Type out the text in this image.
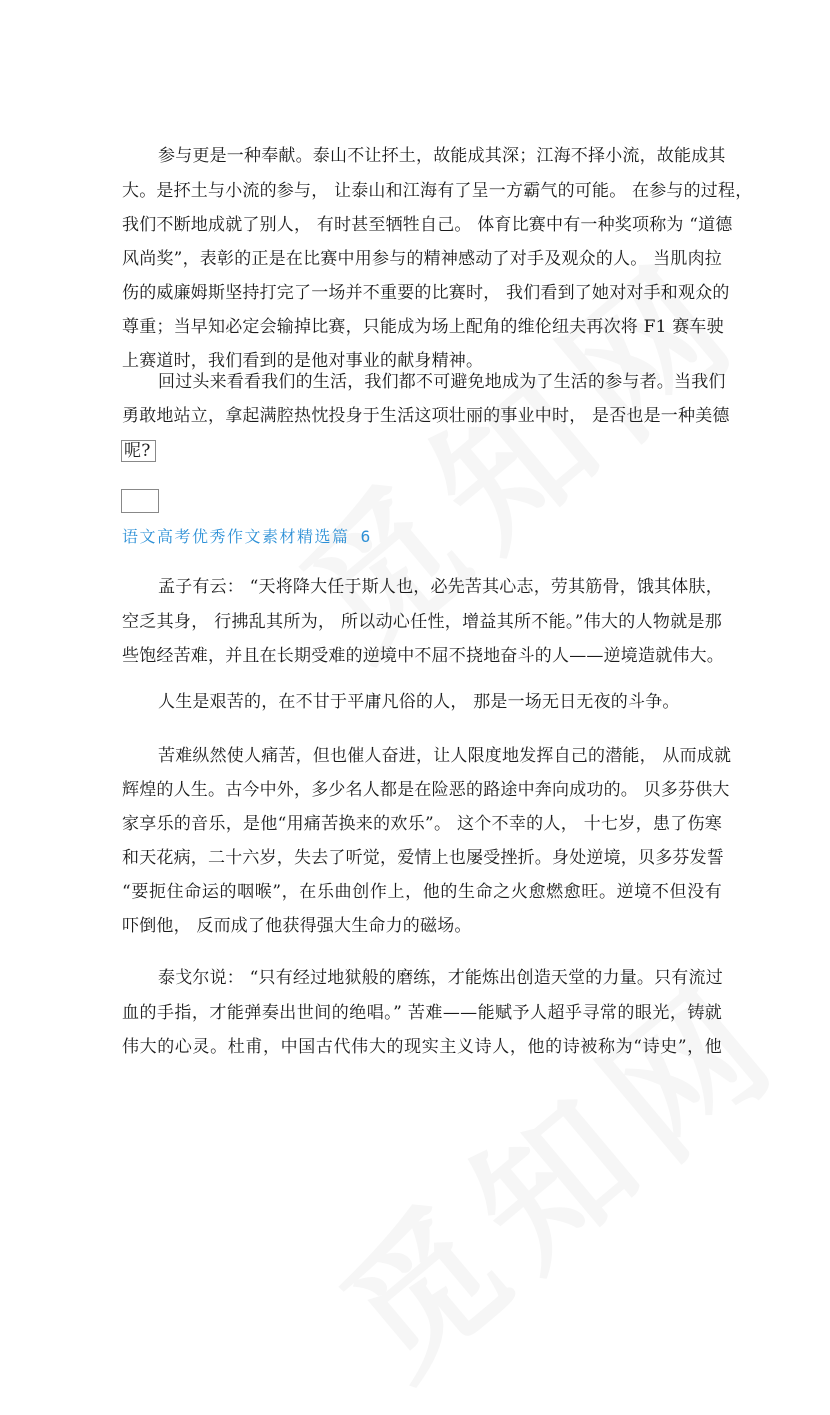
参与更是一种奉献。泰山不让抔土，故能成其深；江海不择小流，故能成其
大。是抔土与小流的参与， 让泰山和江海有了呈一方霸气的可能。 在参与的过程，
我们不断地成就了别人， 有时甚至牺牲自己。 体育比赛中有一种奖项称为 “道德
风尚奖”，表彰的正是在比赛中用参与的精神感动了对手及观众的人。 当肌肉拉
伤的威廉姆斯坚持打完了一场并不重要的比赛时， 我们看到了她对对手和观众的
尊重；当早知必定会输掉比赛，只能成为场上配角的维伦纽夫再次将 F1 赛车驶
上赛道时，我们看到的是他对事业的献身精神。
回过头来看看我们的生活，我们都不可避免地成为了生活的参与者。当我们
勇敢地站立，拿起满腔热忱投身于生活这项壮丽的事业中时， 是否也是一种美德
呢?
语文高考优秀作文素材精选篇 6
孟子有云： “天将降大任于斯人也，必先苦其心志，劳其筋骨，饿其体肤，
空乏其身， 行拂乱其所为， 所以动心任性，增益其所不能。”伟大的人物就是那
些饱经苦难，并且在长期受难的逆境中不屈不挠地奋斗的人——逆境造就伟大。
人生是艰苦的，在不甘于平庸凡俗的人， 那是一场无日无夜的斗争。
苦难纵然使人痛苦，但也催人奋进，让人限度地发挥自己的潜能， 从而成就
辉煌的人生。古今中外，多少名人都是在险恶的路途中奔向成功的。 贝多芬供大
家享乐的音乐，是他“用痛苦换来的欢乐”。 这个不幸的人， 十七岁，患了伤寒
和天花病，二十六岁，失去了听觉，爱情上也屡受挫折。身处逆境，贝多芬发誓
“要扼住命运的咽喉”，在乐曲创作上，他的生命之火愈燃愈旺。逆境不但没有
吓倒他， 反而成了他获得强大生命力的磁场。
泰戈尔说： “只有经过地狱般的磨练，才能炼出创造天堂的力量。只有流过
血的手指，才能弹奏出世间的绝唱。” 苦难——能赋予人超乎寻常的眼光，铸就
伟大的心灵。杜甫，中国古代伟大的现实主义诗人，他的诗被称为“诗史”，他
